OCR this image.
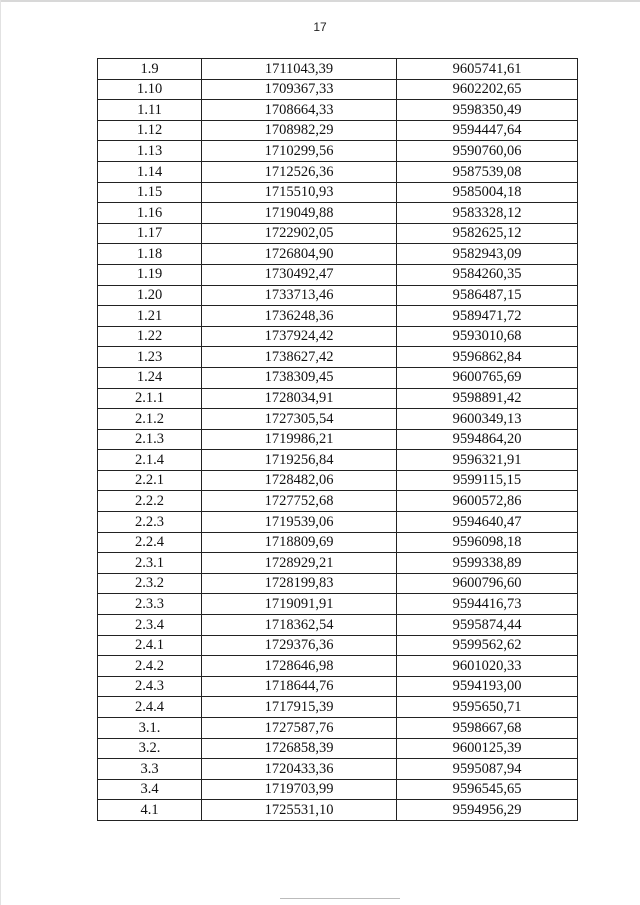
17
1.9	1711043,39	9605741,61
1.10	1709367,33	9602202,65
1.11	1708664,33	9598350,49
1.12	1708982,29	9594447,64
1.13	1710299,56	9590760,06
1.14	1712526,36	9587539,08
1.15	1715510,93	9585004,18
1.16	1719049,88	9583328,12
1.17	1722902,05	9582625,12
1.18	1726804,90	9582943,09
1.19	1730492,47	9584260,35
1.20	1733713,46	9586487,15
1.21	1736248,36	9589471,72
1.22	1737924,42	9593010,68
1.23	1738627,42	9596862,84
1.24	1738309,45	9600765,69
2.1.1	1728034,91	9598891,42
2.1.2	1727305,54	9600349,13
2.1.3	1719986,21	9594864,20
2.1.4	1719256,84	9596321,91
2.2.1	1728482,06	9599115,15
2.2.2	1727752,68	9600572,86
2.2.3	1719539,06	9594640,47
2.2.4	1718809,69	9596098,18
2.3.1	1728929,21	9599338,89
2.3.2	1728199,83	9600796,60
2.3.3	1719091,91	9594416,73
2.3.4	1718362,54	9595874,44
2.4.1	1729376,36	9599562,62
2.4.2	1728646,98	9601020,33
2.4.3	1718644,76	9594193,00
2.4.4	1717915,39	9595650,71
3.1.	1727587,76	9598667,68
3.2.	1726858,39	9600125,39
3.3	1720433,36	9595087,94
3.4	1719703,99	9596545,65
4.1	1725531,10	9594956,29
